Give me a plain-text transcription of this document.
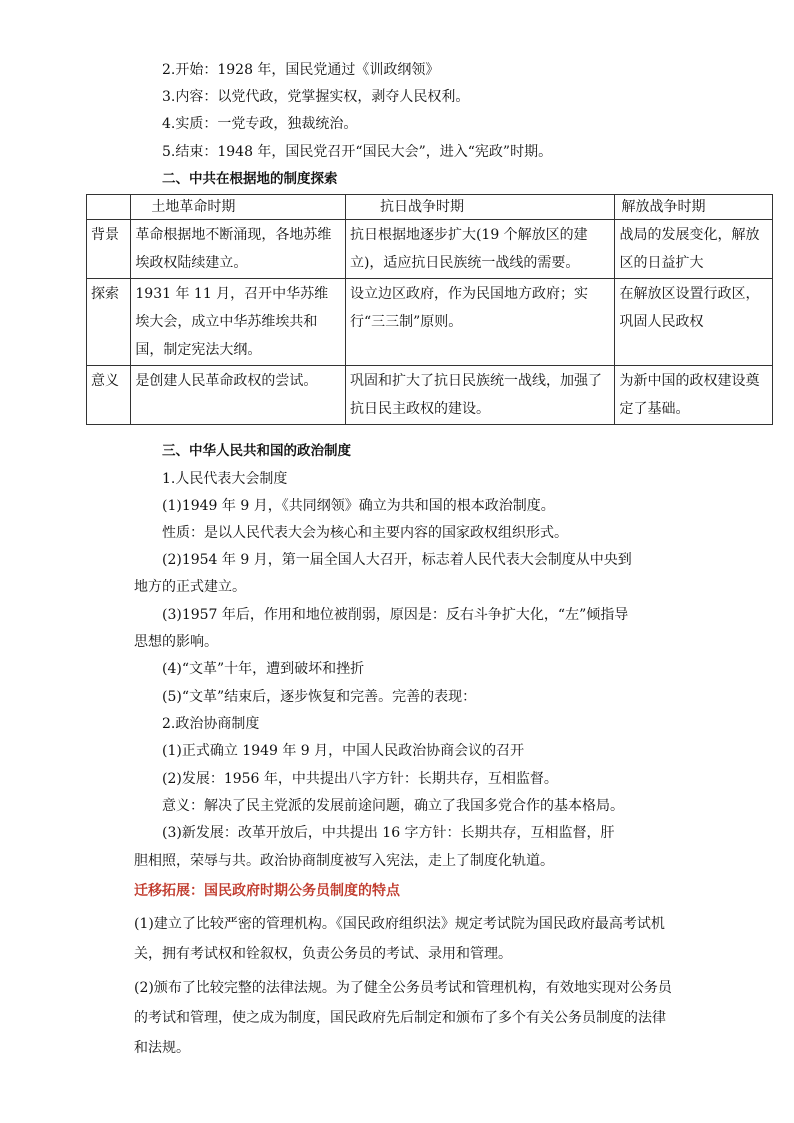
2.开始：1928 年，国民党通过《训政纲领》
3.内容：以党代政，党掌握实权，剥夺人民权利。
4.实质：一党专政，独裁统治。
5.结束：1948 年，国民党召开“国民大会”，进入“宪政”时期。
二、中共在根据地的制度探索
	土地革命时期	抗日战争时期	解放战争时期
背景	革命根据地不断涌现，各地苏维埃政权陆续建立。	抗日根据地逐步扩大(19 个解放区的建立)，适应抗日民族统一战线的需要。	战局的发展变化，解放区的日益扩大
探索	1931 年 11 月，召开中华苏维埃大会，成立中华苏维埃共和国，制定宪法大纲。	设立边区政府，作为民国地方政府；实行“三三制”原则。	在解放区设置行政区，巩固人民政权
意义	是创建人民革命政权的尝试。	巩固和扩大了抗日民族统一战线，加强了抗日民主政权的建设。	为新中国的政权建设奠定了基础。
三、中华人民共和国的政治制度
1.人民代表大会制度
(1)1949 年 9 月，《共同纲领》确立为共和国的根本政治制度。
性质：是以人民代表大会为核心和主要内容的国家政权组织形式。
(2)1954 年 9 月，第一届全国人大召开，标志着人民代表大会制度从中央到
地方的正式建立。
(3)1957 年后，作用和地位被削弱，原因是：反右斗争扩大化，“左”倾指导
思想的影响。
(4)“文革”十年，遭到破坏和挫折
(5)“文革”结束后，逐步恢复和完善。完善的表现：
2.政治协商制度
(1)正式确立 1949 年 9 月，中国人民政治协商会议的召开
(2)发展：1956 年，中共提出八字方针：长期共存，互相监督。
意义：解决了民主党派的发展前途问题，确立了我国多党合作的基本格局。
(3)新发展：改革开放后，中共提出 16 字方针：长期共存，互相监督，肝
胆相照，荣辱与共。政治协商制度被写入宪法，走上了制度化轨道。
迁移拓展：国民政府时期公务员制度的特点
(1)建立了比较严密的管理机构。《国民政府组织法》规定考试院为国民政府最高考试机
关，拥有考试权和铨叙权，负责公务员的考试、录用和管理。
(2)颁布了比较完整的法律法规。为了健全公务员考试和管理机构，有效地实现对公务员
的考试和管理，使之成为制度，国民政府先后制定和颁布了多个有关公务员制度的法律
和法规。
